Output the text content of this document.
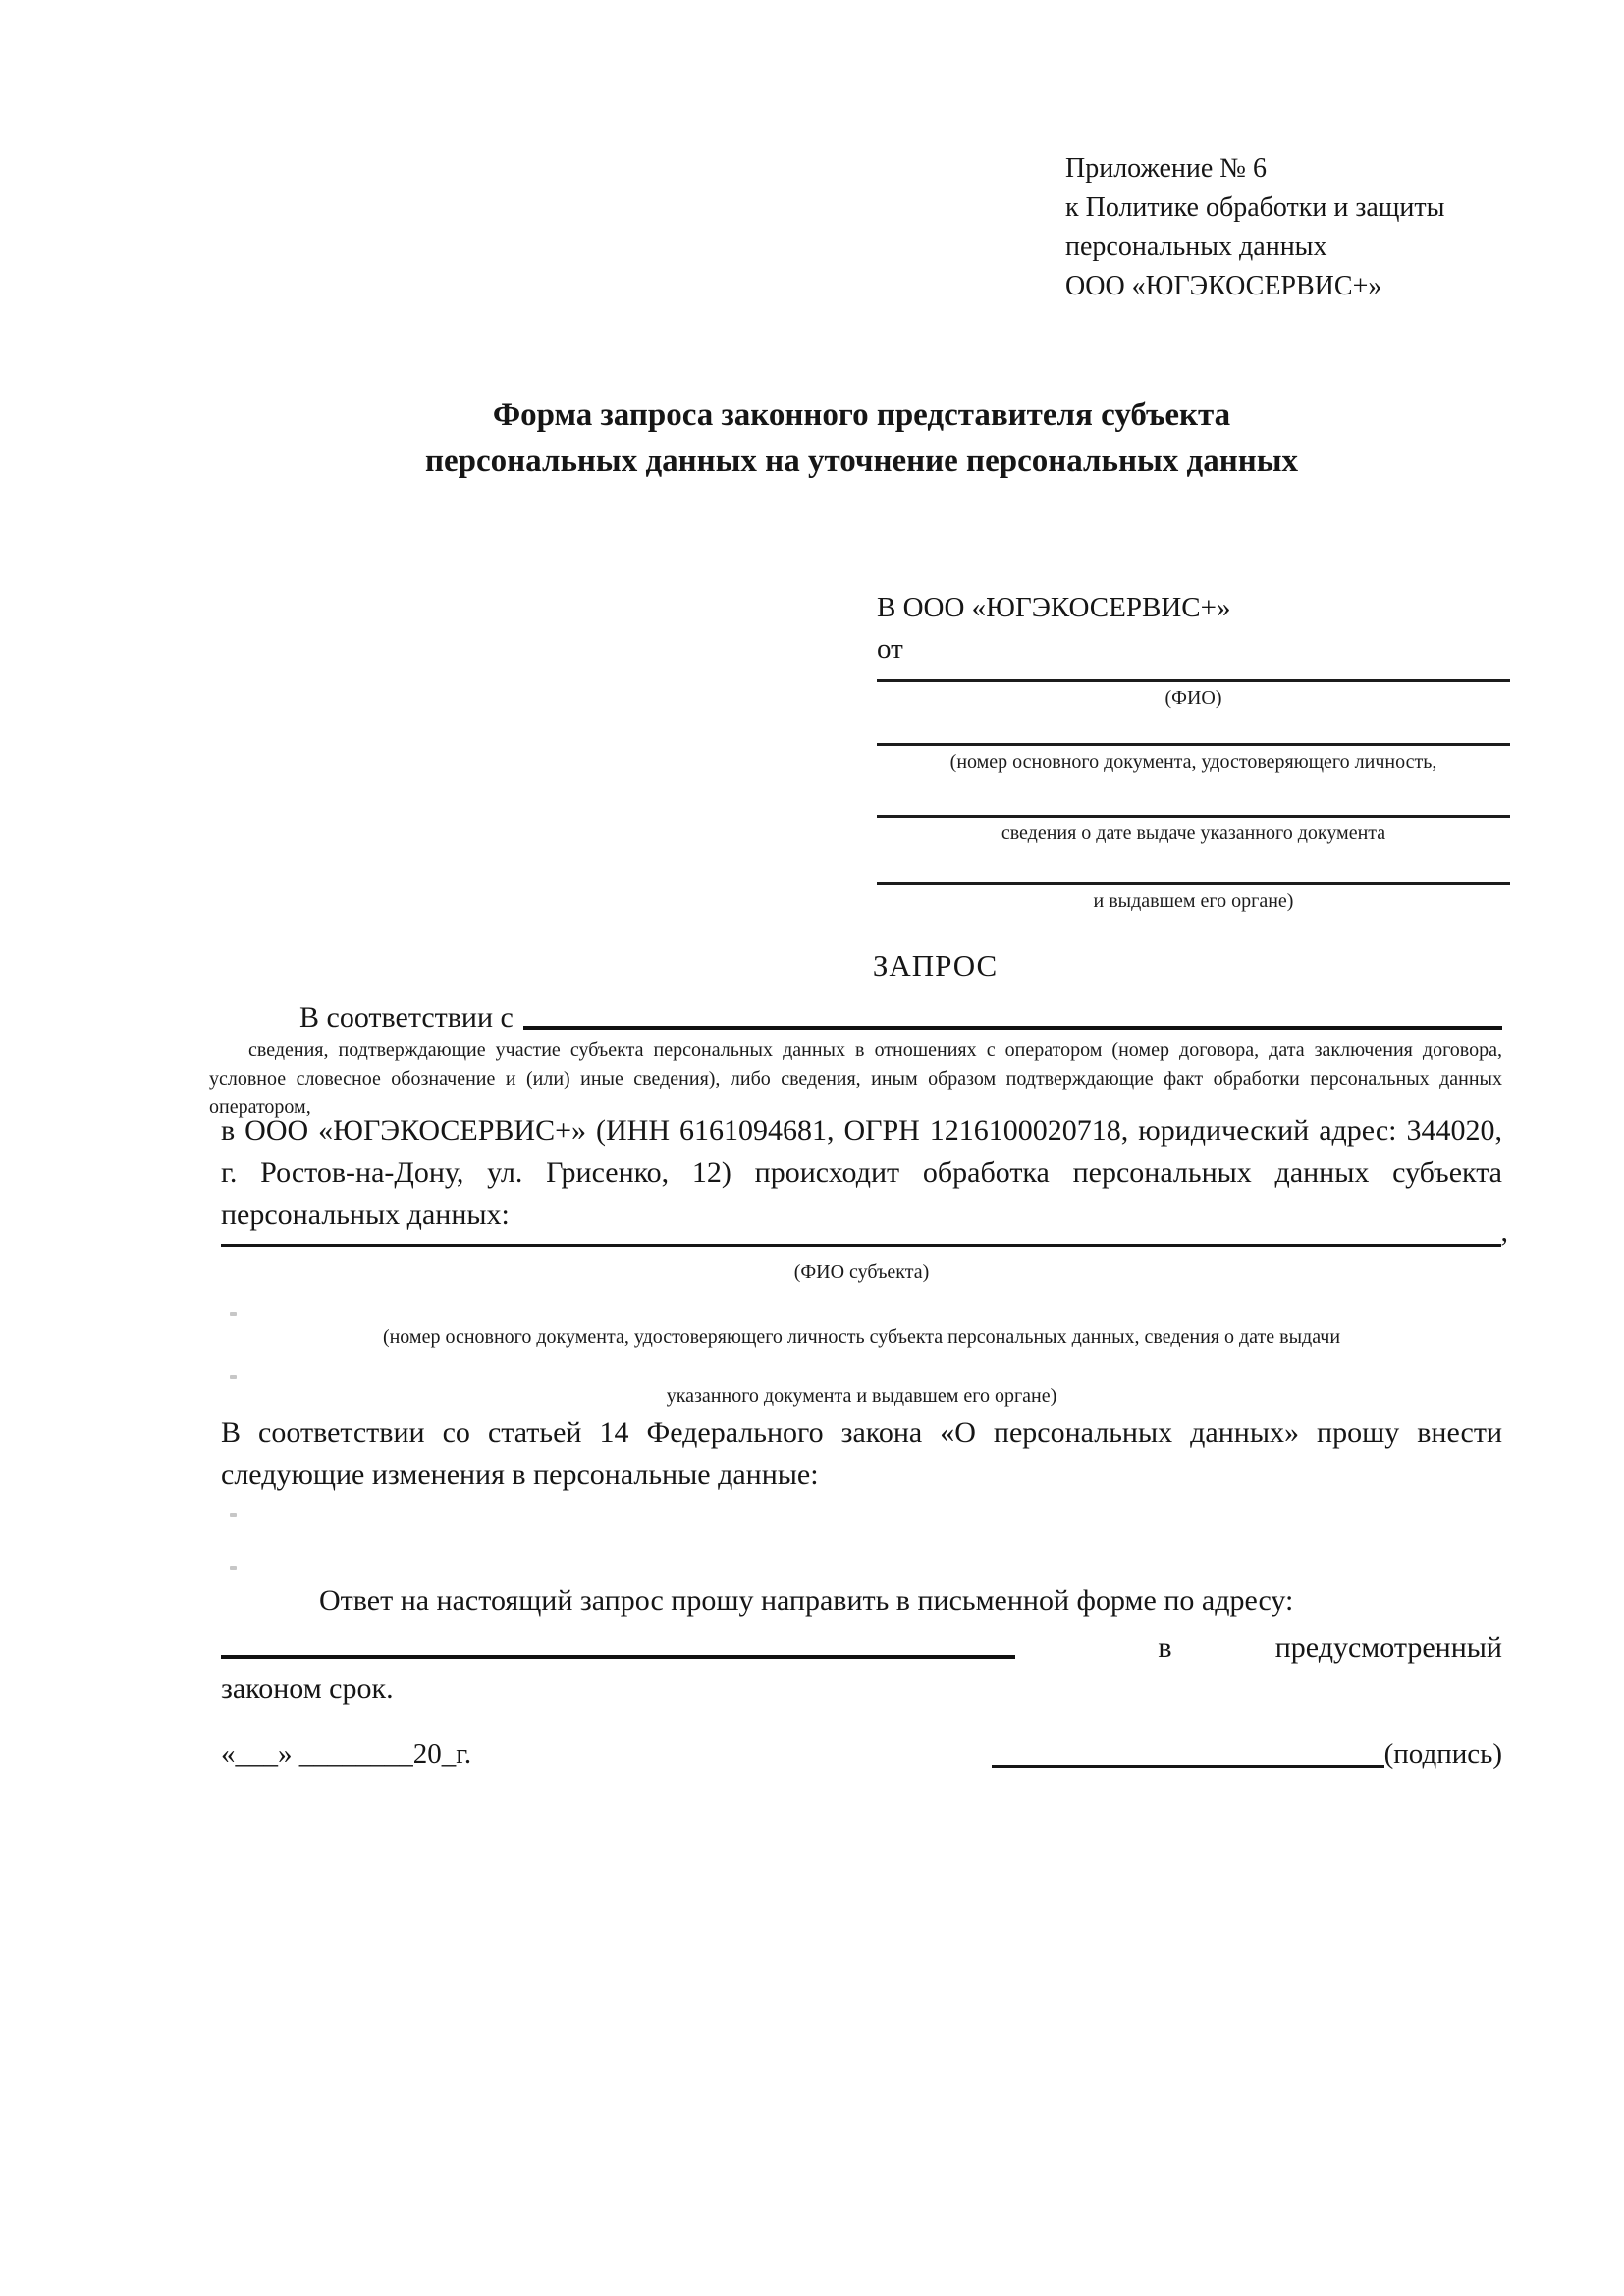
Приложение № 6
к Политике обработки и защиты
персональных данных
ООО «ЮГЭКОСЕРВИС+»
Форма запроса законного представителя субъекта
персональных данных на уточнение персональных данных
В ООО «ЮГЭКОСЕРВИС+»
от
(ФИО)
(номер основного документа, удостоверяющего личность,
сведения о дате выдаче указанного документа
и выдавшем его органе)
ЗАПРОС
В соответствии с
сведения, подтверждающие участие субъекта персональных данных в отношениях с оператором (номер договора, дата заключения договора, условное словесное обозначение и (или) иные сведения), либо сведения, иным образом подтверждающие факт обработки персональных данных оператором,
в ООО «ЮГЭКОСЕРВИС+» (ИНН 6161094681, ОГРН 1216100020718, юридический адрес: 344020, г. Ростов-на-Дону, ул. Грисенко, 12) происходит обработка персональных данных субъекта персональных данных:
,
(ФИО субъекта)
(номер основного документа, удостоверяющего личность субъекта персональных данных, сведения о дате выдачи
указанного документа и выдавшем его органе)
В соответствии со статьей 14 Федерального закона «О персональных данных» прошу внести следующие изменения в персональные данные:
Ответ на настоящий запрос прошу направить в письменной форме по адресу:
в	предусмотренный
законом срок.
«___» ________20_г.	(подпись)
